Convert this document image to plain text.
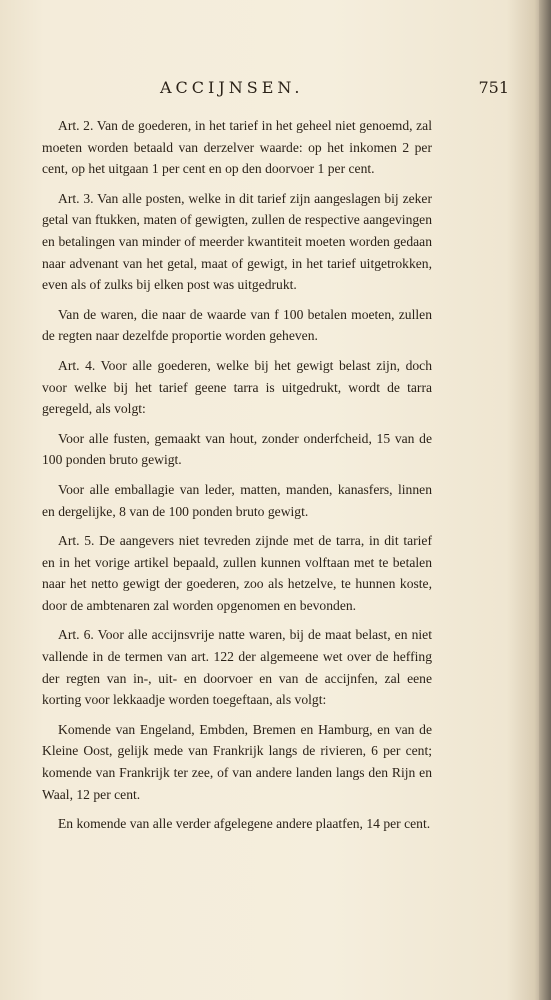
ACCIJNSEN.	751

Art. 2. Van de goederen, in het tarief in het geheel niet genoemd, zal moeten worden betaald van derzelver waarde: op het inkomen 2 per cent, op het uitgaan 1 per cent en op den doorvoer 1 per cent.

Art. 3. Van alle posten, welke in dit tarief zijn aangeslagen bij zeker getal van ftukken, maten of gewigten, zullen de respective aangevingen en betalingen van minder of meerder kwantiteit moeten worden gedaan naar advenant van het getal, maat of gewigt, in het tarief uitgetrokken, even als of zulks bij elken post was uitgedrukt.

Van de waren, die naar de waarde van f 100 betalen moeten, zullen de regten naar dezelfde proportie worden geheven.

Art. 4. Voor alle goederen, welke bij het gewigt belast zijn, doch voor welke bij het tarief geene tarra is uitgedrukt, wordt de tarra geregeld, als volgt:

Voor alle fusten, gemaakt van hout, zonder onderfcheid, 15 van de 100 ponden bruto gewigt.

Voor alle emballagie van leder, matten, manden, kanasfers, linnen en dergelijke, 8 van de 100 ponden bruto gewigt.

Art. 5. De aangevers niet tevreden zijnde met de tarra, in dit tarief en in het vorige artikel bepaald, zullen kunnen volftaan met te betalen naar het netto gewigt der goederen, zoo als hetzelve, te hunnen koste, door de ambtenaren zal worden opgenomen en bevonden.

Art. 6. Voor alle accijnsvrije natte waren, bij de maat belast, en niet vallende in de termen van art. 122 der algemeene wet over de heffing der regten van in-, uit- en doorvoer en van de accijnfen, zal eene korting voor lekkaadje worden toegeftaan, als volgt:

Komende van Engeland, Embden, Bremen en Hamburg, en van de Kleine Oost, gelijk mede van Frankrijk langs de rivieren, 6 per cent; komende van Frankrijk ter zee, of van andere landen langs den Rijn en Waal, 12 per cent.

En komende van alle verder afgelegene andere plaatfen, 14 per cent.
